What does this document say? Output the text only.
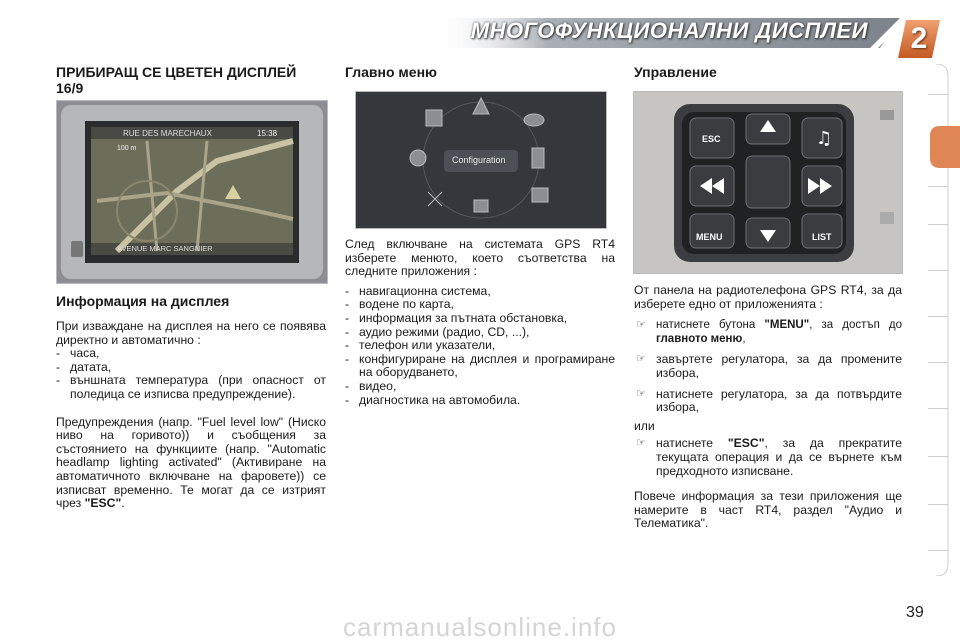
МНОГОФУНКЦИОНАЛНИ ДИСПЛЕИ	2
ПРИБИРАЩ СЕ ЦВЕТЕН ДИСПЛЕЙ 16/9
RUE DES MARECHAUX	15:38
100 m
AVENUE MARC SANGNIER
Информация на дисплея
При изваждане на дисплея на него се появява директно и автоматично :
- часа,
- датата,
- външната температура (при опасност от поледица се изписва предупреждение).
Предупреждения (напр. "Fuel level low" (Ниско ниво на горивото)) и съобщения за състоянието на функциите (напр. "Automatic headlamp lighting activated" (Активиране на автоматичното включване на фаровете)) се изписват временно. Те могат да се изтрият чрез "ESC".
Главно меню
Configuration
След включване на системата GPS RT4 изберете менюто, което съответства на следните приложения :
- навигационна система,
- водене по карта,
- информация за пътната обстановка,
- аудио режими (радио, CD, ...),
- телефон или указатели,
- конфигуриране на дисплея и програмиране на оборудването,
- видео,
- диагностика на автомобила.
Управление
♫
ESC
MENU	LIST
От панела на радиотелефона GPS RT4, за да изберете едно от приложенията :
☞ натиснете бутона "MENU", за достъп до главното меню,
☞ завъртете регулатора, за да промените избора,
☞ натиснете регулатора, за да потвърдите избора,
или
☞ натиснете "ESC", за да прекратите текущата операция и да се върнете към предходното изписване.
Повече информация за тези приложения ще намерите в част RT4, раздел "Аудио и Телематика".
39
carmanualsonline.info
